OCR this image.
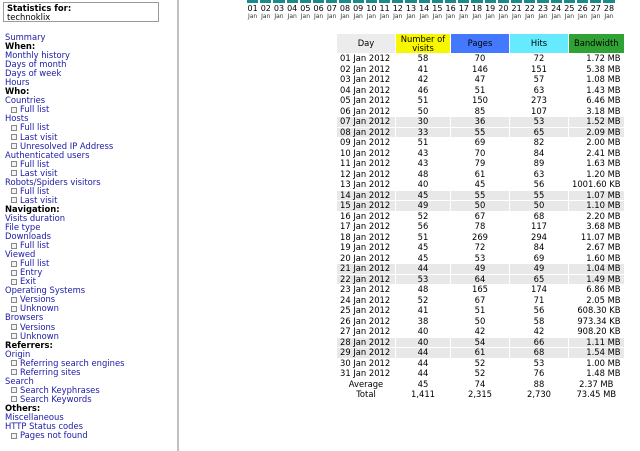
Statistics for:
technoklix
Summary
When:
Monthly history
Days of month
Days of week
Hours
Who:
Countries
Full list
Hosts
Full list
Last visit
Unresolved IP Address
Authenticated users
Full list
Last visit
Robots/Spiders visitors
Full list
Last visit
Navigation:
Visits duration
File type
Downloads
Full list
Viewed
Full list
Entry
Exit
Operating Systems
Versions
Unknown
Browsers
Versions
Unknown
Referrers:
Origin
Referring search engines
Referring sites
Search
Search Keyphrases
Search Keywords
Others:
Miscellaneous
HTTP Status codes
Pages not found
01
Jan
02
Jan
03
Jan
04
Jan
05
Jan
06
Jan
07
Jan
08
Jan
09
Jan
10
Jan
11
Jan
12
Jan
13
Jan
14
Jan
15
Jan
16
Jan
17
Jan
18
Jan
19
Jan
20
Jan
21
Jan
22
Jan
23
Jan
24
Jan
25
Jan
26
Jan
27
Jan
28
Jan
Day	Number of visits	Pages	Hits	Bandwidth
01 Jan 2012	58	70	72	1.72 MB
02 Jan 2012	41	146	151	5.38 MB
03 Jan 2012	42	47	57	1.08 MB
04 Jan 2012	46	51	63	1.43 MB
05 Jan 2012	51	150	273	6.46 MB
06 Jan 2012	50	85	107	3.18 MB
07 Jan 2012	30	36	53	1.52 MB
08 Jan 2012	33	55	65	2.09 MB
09 Jan 2012	51	69	82	2.00 MB
10 Jan 2012	43	70	84	2.41 MB
11 Jan 2012	43	79	89	1.63 MB
12 Jan 2012	48	61	63	1.20 MB
13 Jan 2012	40	45	56	1001.60 KB
14 Jan 2012	45	55	55	1.07 MB
15 Jan 2012	49	50	50	1.10 MB
16 Jan 2012	52	67	68	2.20 MB
17 Jan 2012	56	78	117	3.68 MB
18 Jan 2012	51	269	294	11.07 MB
19 Jan 2012	45	72	84	2.67 MB
20 Jan 2012	45	53	69	1.60 MB
21 Jan 2012	44	49	49	1.04 MB
22 Jan 2012	53	64	65	1.49 MB
23 Jan 2012	48	165	174	6.86 MB
24 Jan 2012	52	67	71	2.05 MB
25 Jan 2012	41	51	56	608.30 KB
26 Jan 2012	38	50	58	973.34 KB
27 Jan 2012	40	42	42	908.20 KB
28 Jan 2012	40	54	66	1.11 MB
29 Jan 2012	44	61	68	1.54 MB
30 Jan 2012	44	52	53	1.00 MB
31 Jan 2012	44	52	76	1.48 MB
Average	45	74	88	2.37 MB
Total	1,411	2,315	2,730	73.45 MB
